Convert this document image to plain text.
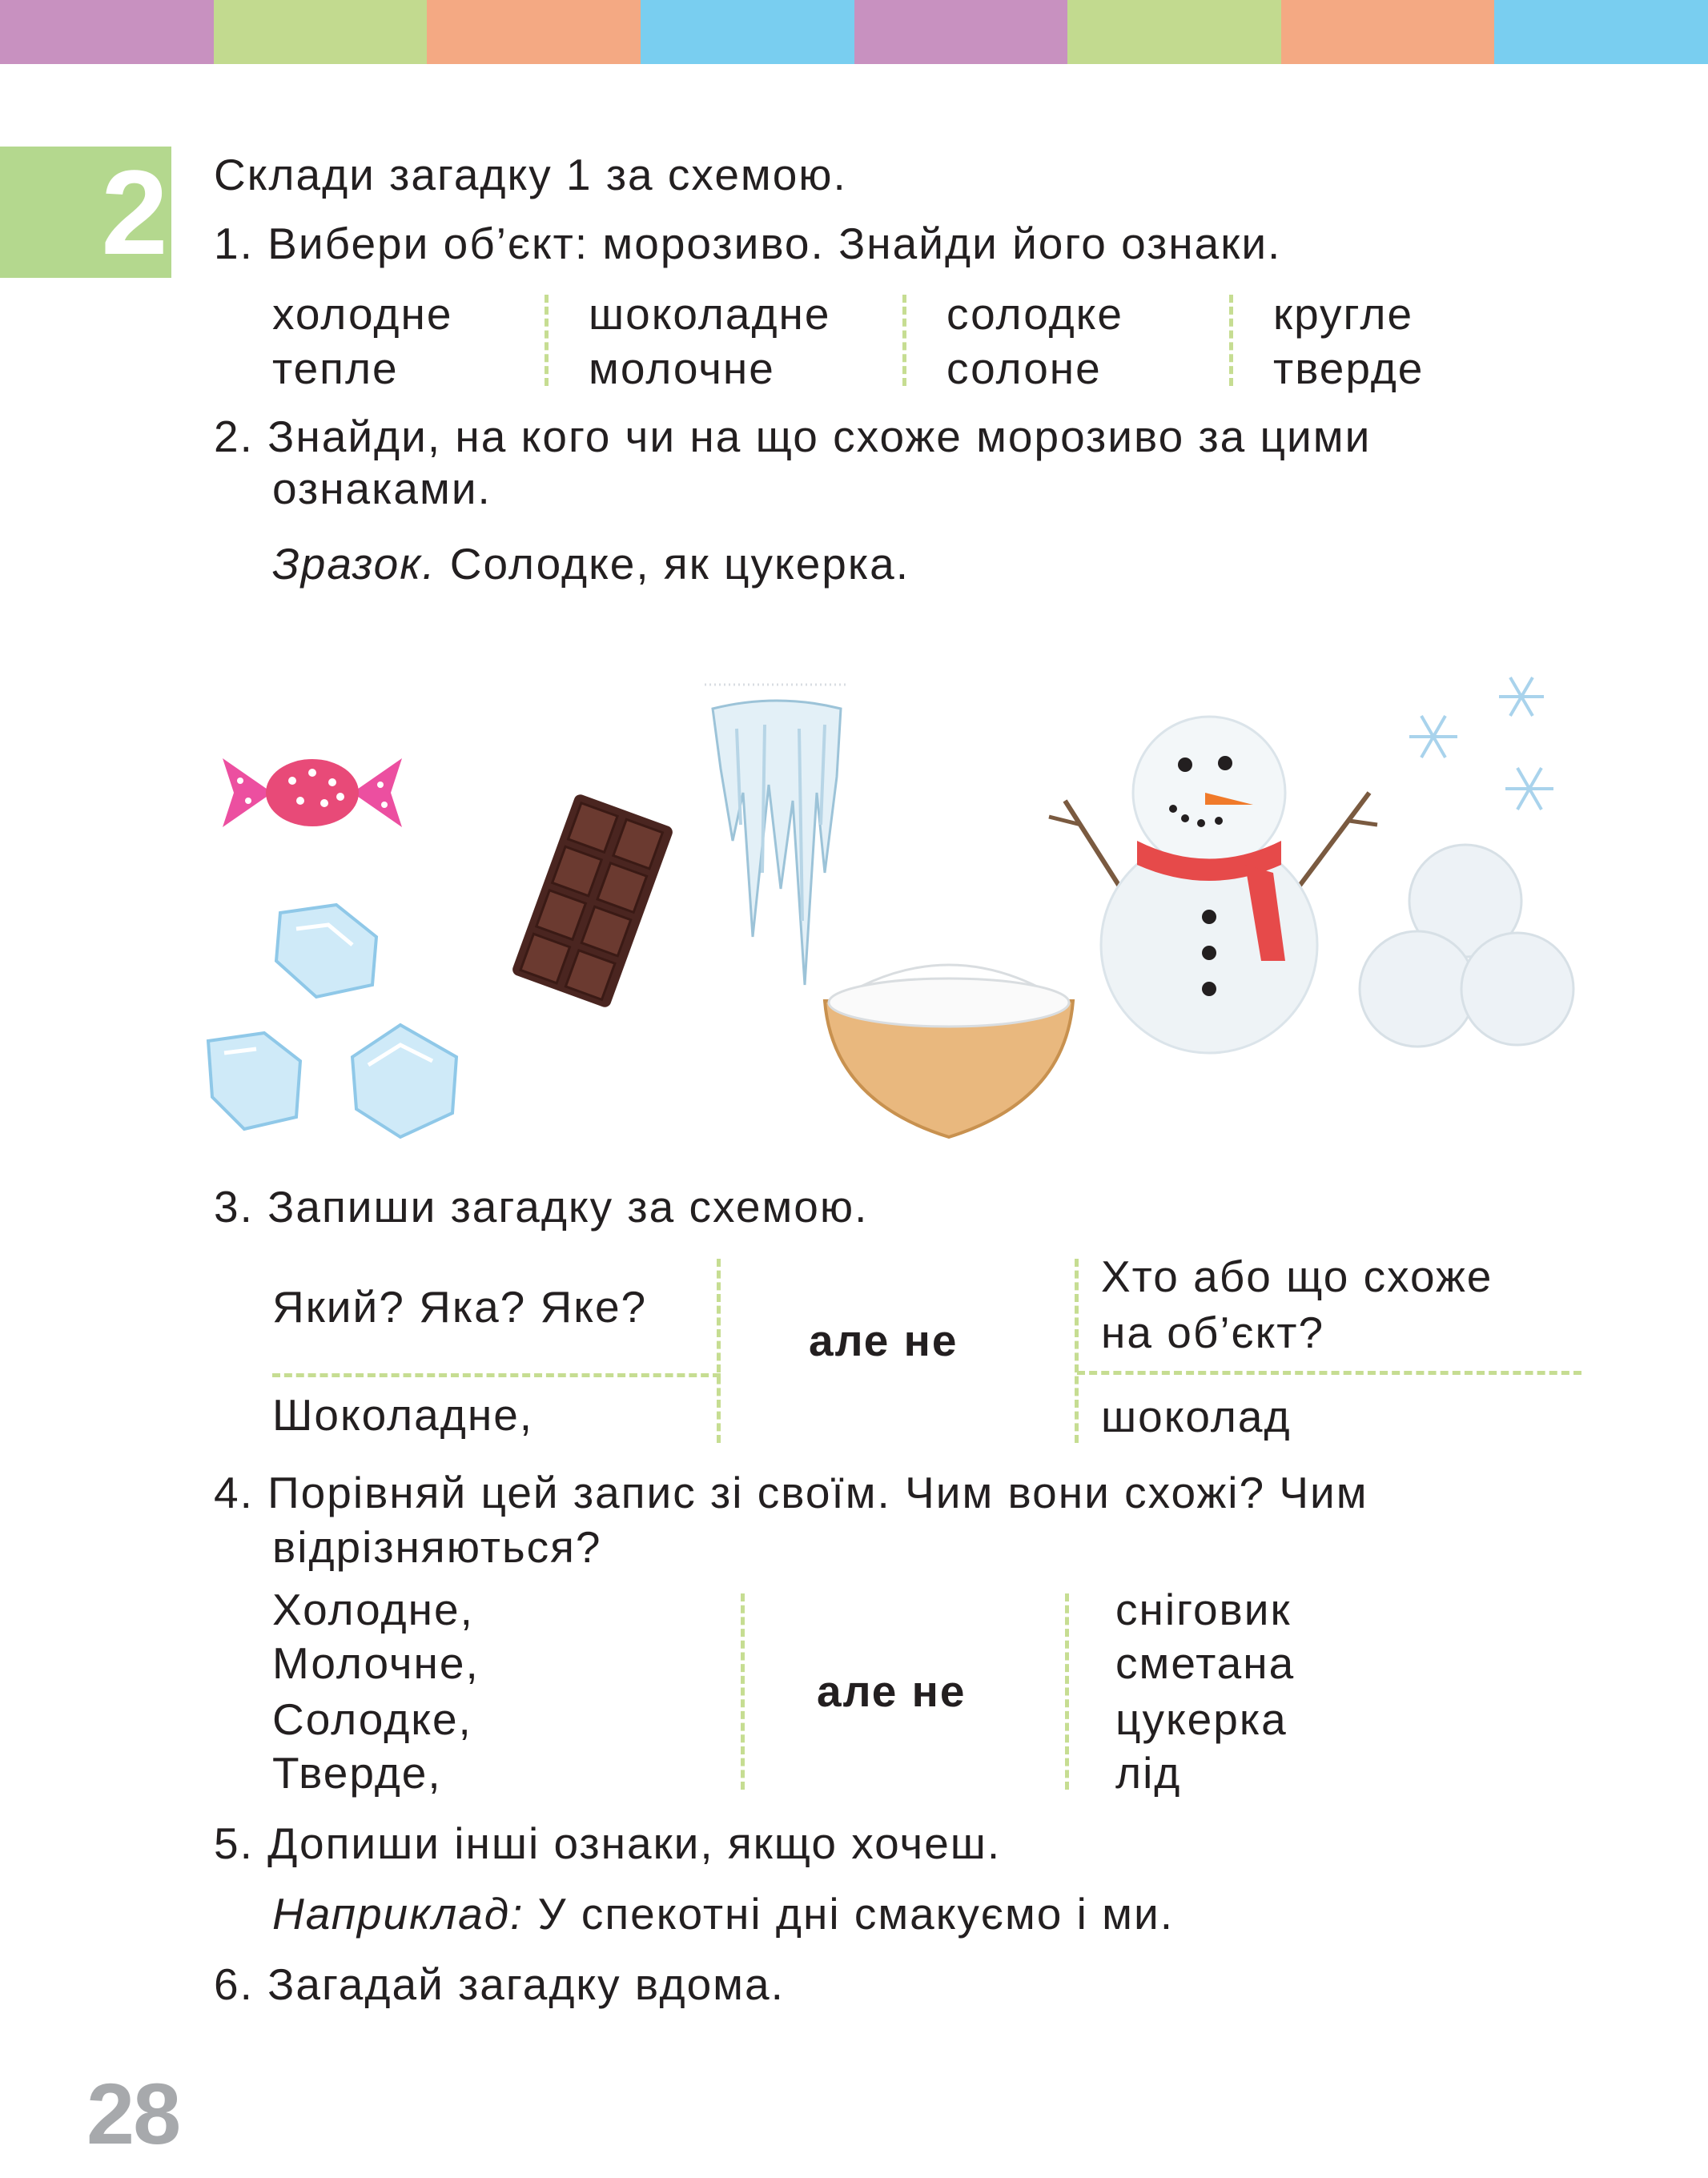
2 Склади загадку 1 за схемою.
1. Вибери об’єкт: морозиво. Знайди його ознаки.
холодне
тепле
шоколадне
молочне
солодке
солоне
кругле
тверде
2. Знайди, на кого чи на що схоже морозиво за цими
ознаками.
Зразок. Солодке, як цукерка.
3. Запиши загадку за схемою.
Який? Яка? Яке?
але не
Хто або що схоже
на об’єкт?
Шоколадне,	шоколад
4. Порівняй цей запис зі своїм. Чим вони схожі? Чим
відрізняються?
Холодне,
Молочне,
Солодке,
Тверде,
але не
сніговик
сметана
цукерка
лід
5. Допиши інші ознаки, якщо хочеш.
Наприклад: У спекотні дні смакуємо і ми.
6. Загадай загадку вдома.
28
